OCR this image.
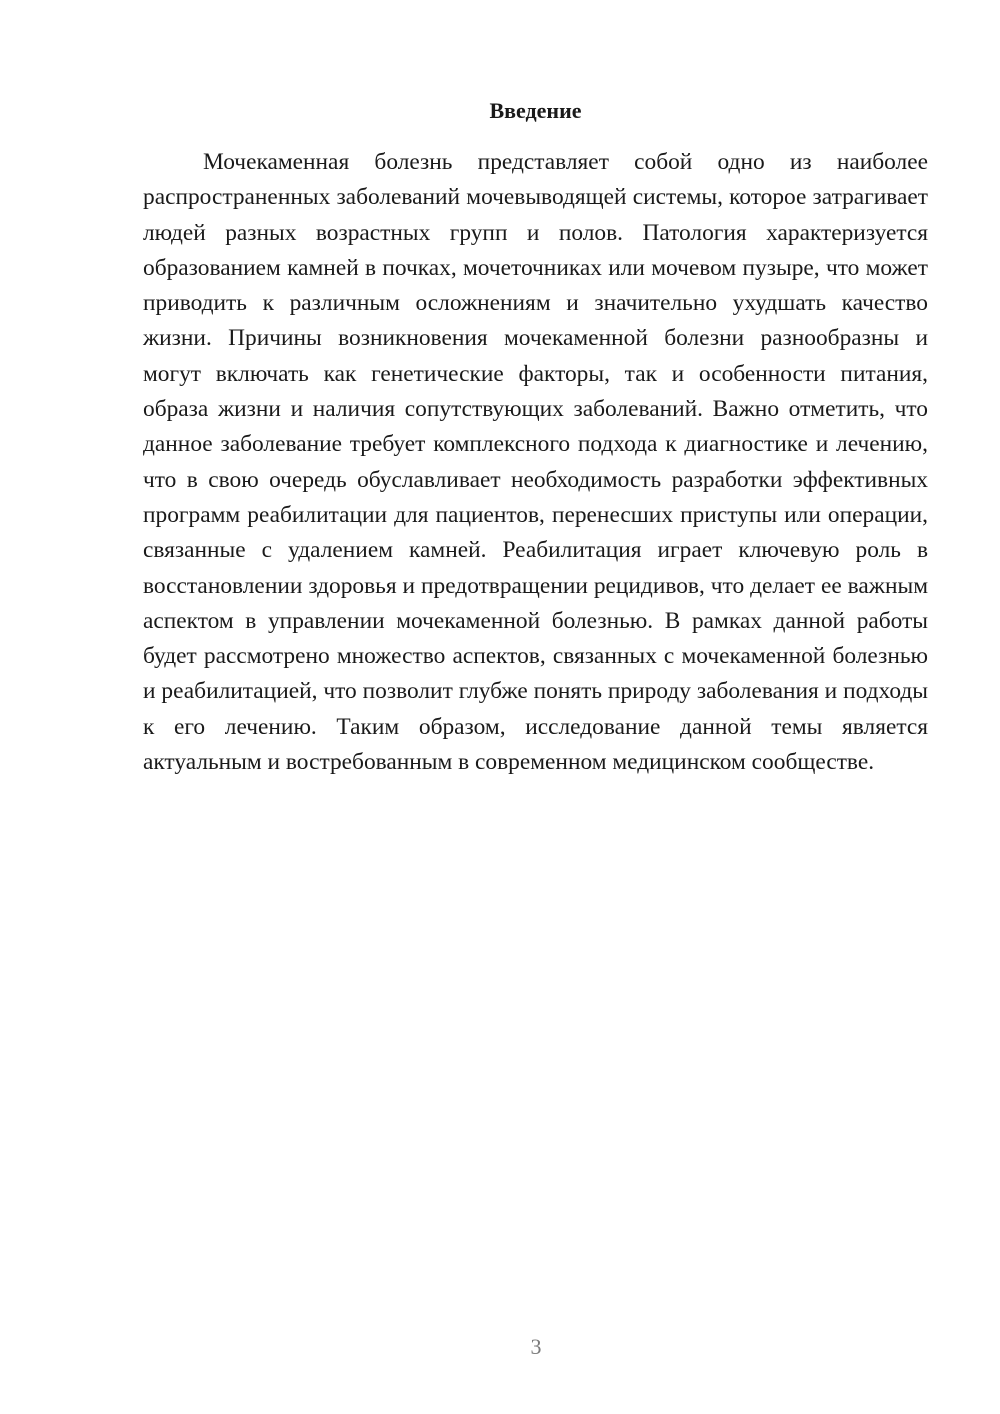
Введение

Мочекаменная болезнь представляет собой одно из наиболее распространенных заболеваний мочевыводящей системы, которое затрагивает людей разных возрастных групп и полов. Патология характеризуется образованием камней в почках, мочеточниках или мочевом пузыре, что может приводить к различным осложнениям и значительно ухудшать качество жизни. Причины возникновения мочекаменной болезни разнообразны и могут включать как генетические факторы, так и особенности питания, образа жизни и наличия сопутствующих заболеваний. Важно отметить, что данное заболевание требует комплексного подхода к диагностике и лечению, что в свою очередь обуславливает необходимость разработки эффективных программ реабилитации для пациентов, перенесших приступы или операции, связанные с удалением камней. Реабилитация играет ключевую роль в восстановлении здоровья и предотвращении рецидивов, что делает ее важным аспектом в управлении мочекаменной болезнью. В рамках данной работы будет рассмотрено множество аспектов, связанных с мочекаменной болезнью и реабилитацией, что позволит глубже понять природу заболевания и подходы к его лечению. Таким образом, исследование данной темы является актуальным и востребованным в современном медицинском сообществе.

3
